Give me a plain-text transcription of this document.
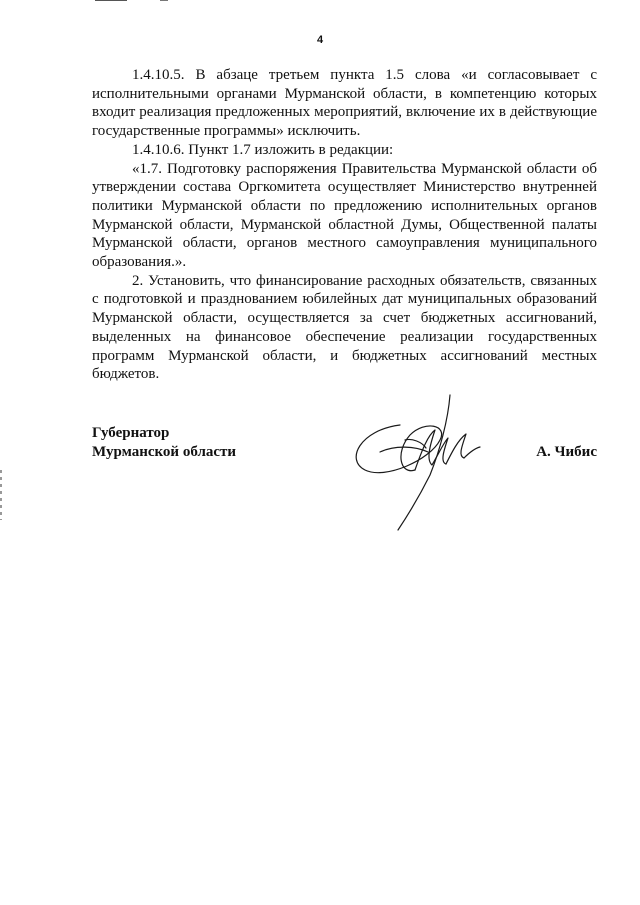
4

1.4.10.5. В абзаце третьем пункта 1.5 слова «и согласовывает с исполнительными органами Мурманской области, в компетенцию которых входит реализация предложенных мероприятий, включение их в действующие государственные программы» исключить.

1.4.10.6. Пункт 1.7 изложить в редакции:

«1.7. Подготовку распоряжения Правительства Мурманской области об утверждении состава Оргкомитета осуществляет Министерство внутренней политики Мурманской области по предложению исполнительных органов Мурманской области, Мурманской областной Думы, Общественной палаты Мурманской области, органов местного самоуправления муниципального образования.».

2. Установить, что финансирование расходных обязательств, связанных с подготовкой и празднованием юбилейных дат муниципальных образований Мурманской области, осуществляется за счет бюджетных ассигнований, выделенных на финансовое обеспечение реализации государственных программ Мурманской области, и бюджетных ассигнований местных бюджетов.

Губернатор
Мурманской области	А. Чибис
